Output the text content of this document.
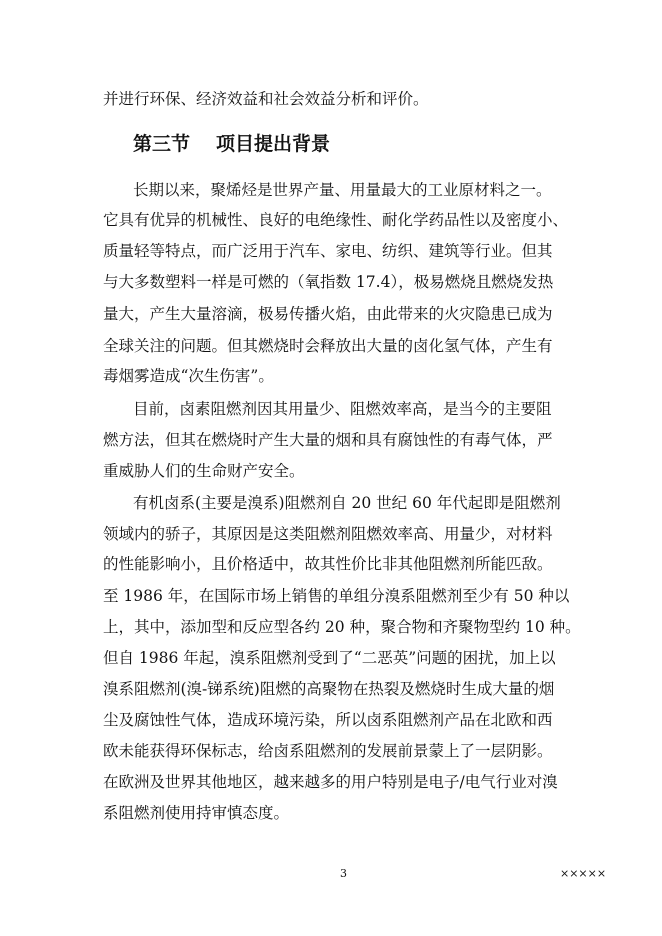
并进行环保、经济效益和社会效益分析和评价。
第三节 项目提出背景
长期以来，聚烯烃是世界产量、用量最大的工业原材料之一。
它具有优异的机械性、良好的电绝缘性、耐化学药品性以及密度小、
质量轻等特点，而广泛用于汽车、家电、纺织、建筑等行业。但其
与大多数塑料一样是可燃的（氧指数 17.4），极易燃烧且燃烧发热
量大，产生大量溶滴，极易传播火焰，由此带来的火灾隐患已成为
全球关注的问题。但其燃烧时会释放出大量的卤化氢气体，产生有
毒烟雾造成“次生伤害”。
目前，卤素阻燃剂因其用量少、阻燃效率高，是当今的主要阻
燃方法，但其在燃烧时产生大量的烟和具有腐蚀性的有毒气体，严
重威胁人们的生命财产安全。
有机卤系(主要是溴系)阻燃剂自 20 世纪 60 年代起即是阻燃剂
领域内的骄子，其原因是这类阻燃剂阻燃效率高、用量少，对材料
的性能影响小，且价格适中，故其性价比非其他阻燃剂所能匹敌。
至 1986 年，在国际市场上销售的单组分溴系阻燃剂至少有 50 种以
上，其中，添加型和反应型各约 20 种，聚合物和齐聚物型约 10 种。
但自 1986 年起，溴系阻燃剂受到了“二恶英”问题的困扰，加上以
溴系阻燃剂(溴-锑系统)阻燃的高聚物在热裂及燃烧时生成大量的烟
尘及腐蚀性气体，造成环境污染，所以卤系阻燃剂产品在北欧和西
欧未能获得环保标志，给卤系阻燃剂的发展前景蒙上了一层阴影。
在欧洲及世界其他地区，越来越多的用户特别是电子/电气行业对溴
系阻燃剂使用持审慎态度。
3	×××××
